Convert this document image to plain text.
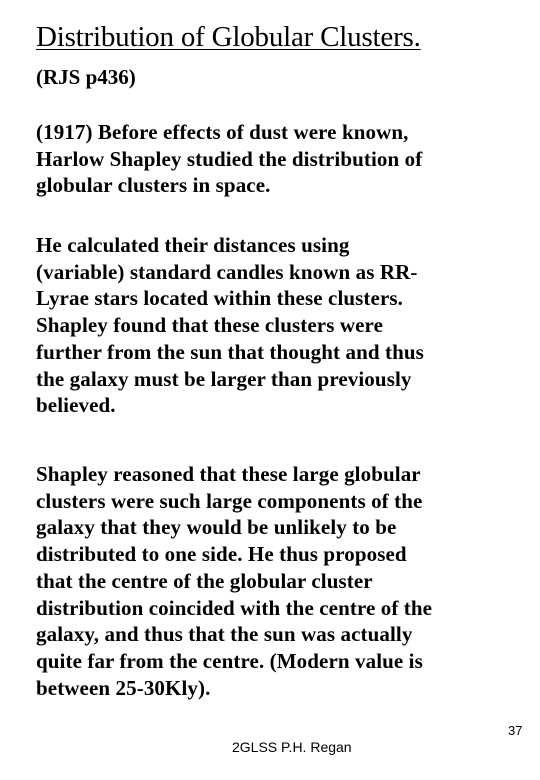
Distribution of Globular Clusters.
(RJS p436)
(1917) Before effects of dust were known,
Harlow Shapley studied the distribution of
globular clusters in space.
He calculated their distances using
(variable) standard candles known as RR-
Lyrae stars located within these clusters.
Shapley found that these clusters were
further from the sun that thought and thus
the galaxy must be larger than previously
believed.
Shapley reasoned that these large globular
clusters were such large components of the
galaxy that they would be unlikely to be
distributed to one side. He thus proposed
that the centre of the globular cluster
distribution coincided with the centre of the
galaxy, and thus that the sun was actually
quite far from the centre. (Modern value is
between 25-30Kly).
2GLSS P.H. Regan
37
